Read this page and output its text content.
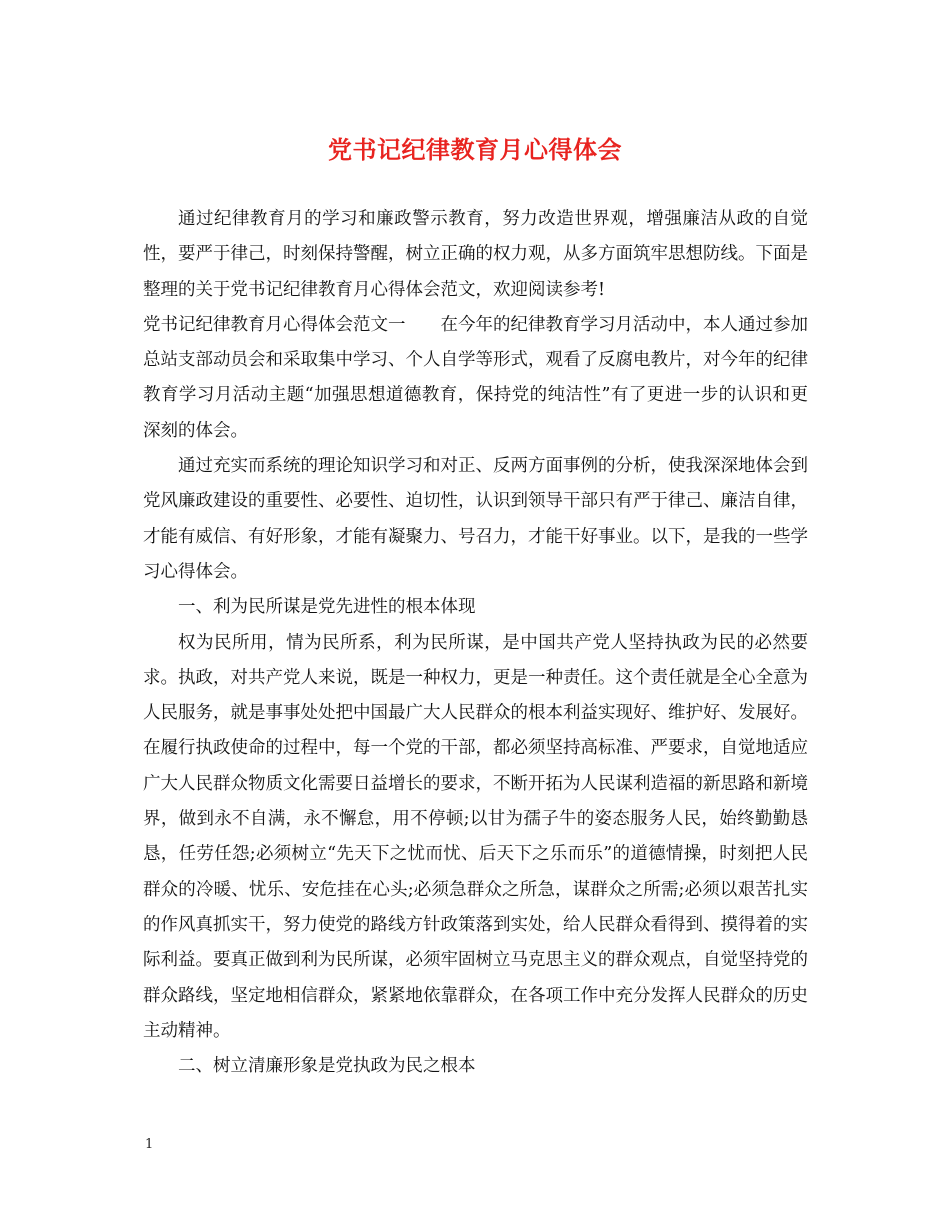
党书记纪律教育月心得体会

通过纪律教育月的学习和廉政警示教育，努力改造世界观，增强廉洁从政的自觉性，要严于律己，时刻保持警醒，树立正确的权力观，从多方面筑牢思想防线。下面是整理的关于党书记纪律教育月心得体会范文，欢迎阅读参考!

党书记纪律教育月心得体会范文一　　在今年的纪律教育学习月活动中，本人通过参加总站支部动员会和采取集中学习、个人自学等形式，观看了反腐电教片，对今年的纪律教育学习月活动主题“加强思想道德教育，保持党的纯洁性”有了更进一步的认识和更深刻的体会。

通过充实而系统的理论知识学习和对正、反两方面事例的分析，使我深深地体会到党风廉政建设的重要性、必要性、迫切性，认识到领导干部只有严于律己、廉洁自律，才能有威信、有好形象，才能有凝聚力、号召力，才能干好事业。以下，是我的一些学习心得体会。

一、利为民所谋是党先进性的根本体现

权为民所用，情为民所系，利为民所谋，是中国共产党人坚持执政为民的必然要求。执政，对共产党人来说，既是一种权力，更是一种责任。这个责任就是全心全意为人民服务，就是事事处处把中国最广大人民群众的根本利益实现好、维护好、发展好。在履行执政使命的过程中，每一个党的干部，都必须坚持高标准、严要求，自觉地适应广大人民群众物质文化需要日益增长的要求，不断开拓为人民谋利造福的新思路和新境界，做到永不自满，永不懈怠，用不停顿;以甘为孺子牛的姿态服务人民，始终勤勤恳恳，任劳任怨;必须树立“先天下之忧而忧、后天下之乐而乐”的道德情操，时刻把人民群众的冷暖、忧乐、安危挂在心头;必须急群众之所急，谋群众之所需;必须以艰苦扎实的作风真抓实干，努力使党的路线方针政策落到实处，给人民群众看得到、摸得着的实际利益。要真正做到利为民所谋，必须牢固树立马克思主义的群众观点，自觉坚持党的群众路线，坚定地相信群众，紧紧地依靠群众，在各项工作中充分发挥人民群众的历史主动精神。

二、树立清廉形象是党执政为民之根本

1
